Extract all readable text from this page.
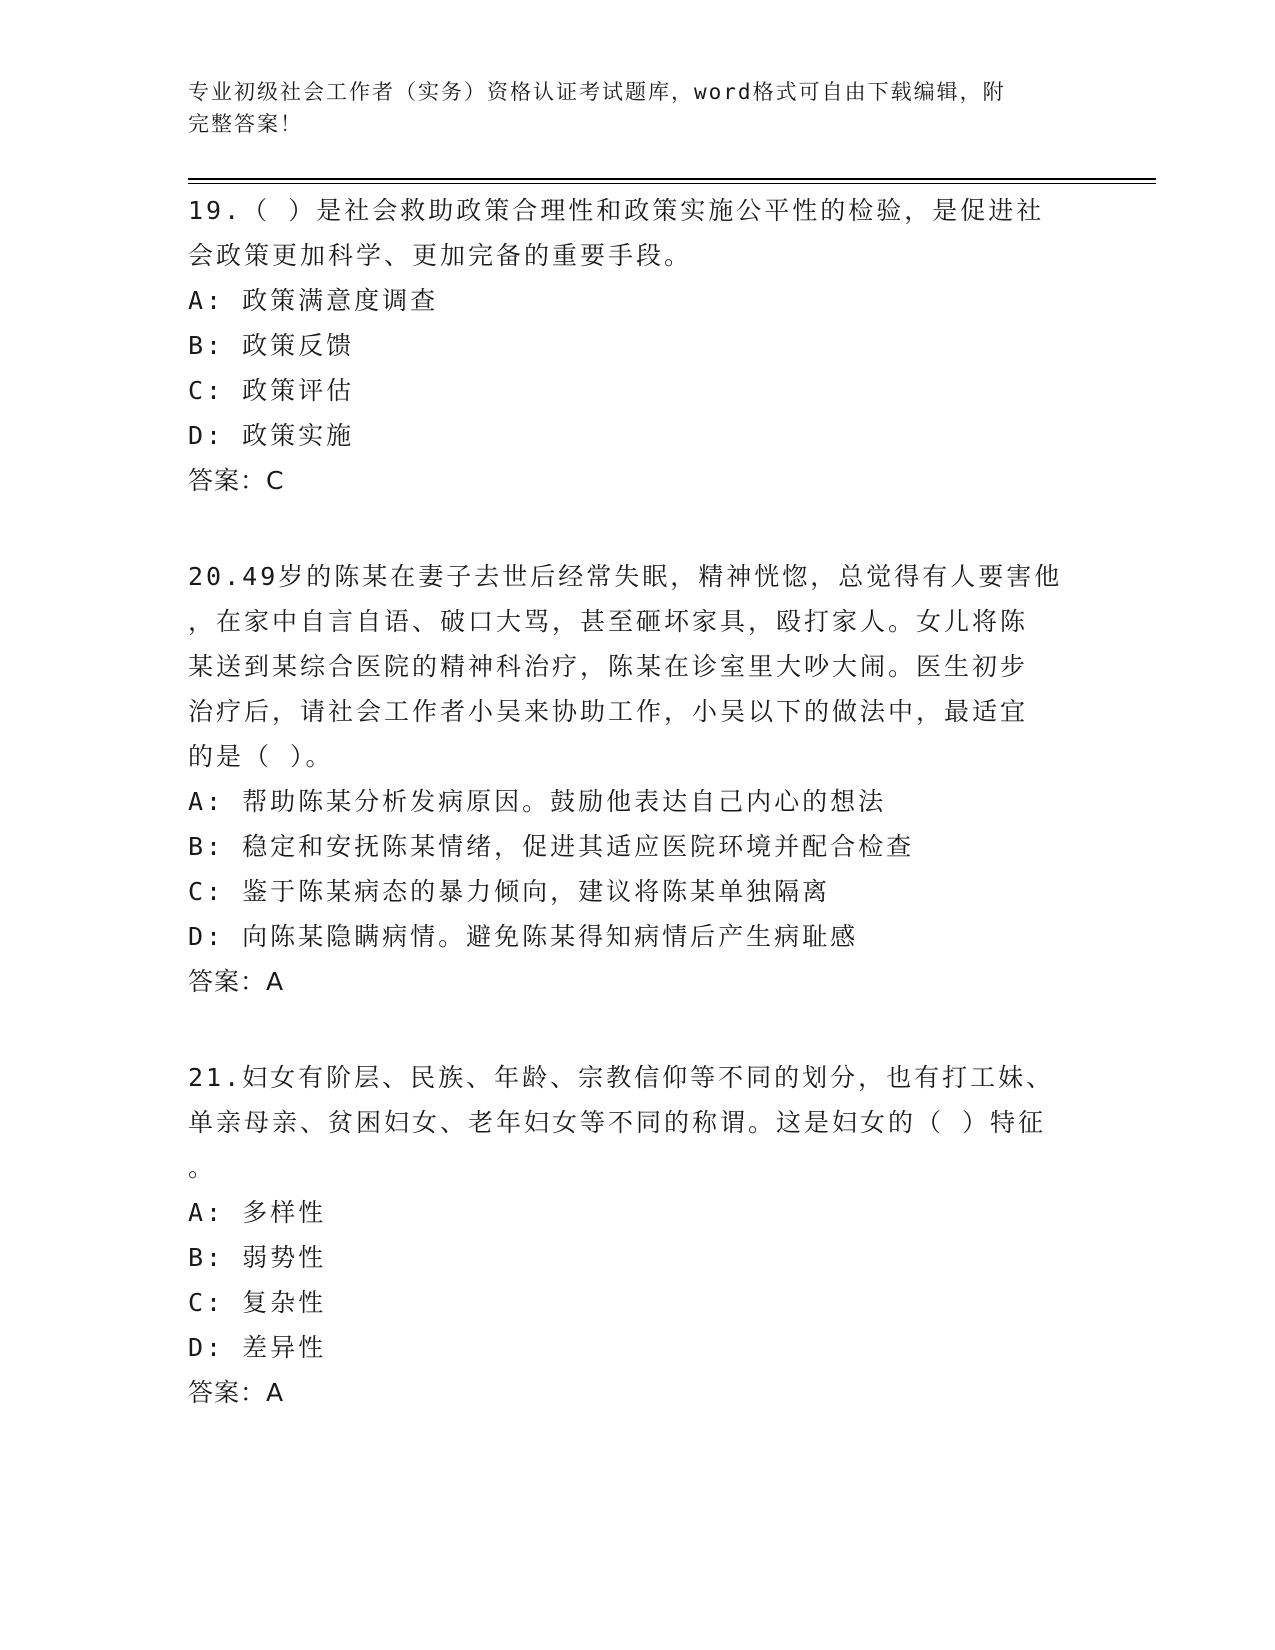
专业初级社会工作者（实务）资格认证考试题库，word格式可自由下载编辑，附
完整答案！
19.（ ）是社会救助政策合理性和政策实施公平性的检验，是促进社
会政策更加科学、更加完备的重要手段。
A: 政策满意度调查
B: 政策反馈
C: 政策评估
D: 政策实施
答案：C
20.49岁的陈某在妻子去世后经常失眠，精神恍惚，总觉得有人要害他
，在家中自言自语、破口大骂，甚至砸坏家具，殴打家人。女儿将陈
某送到某综合医院的精神科治疗，陈某在诊室里大吵大闹。医生初步
治疗后，请社会工作者小吴来协助工作，小吴以下的做法中，最适宜
的是（ ）。
A: 帮助陈某分析发病原因。鼓励他表达自己内心的想法
B: 稳定和安抚陈某情绪，促进其适应医院环境并配合检查
C: 鉴于陈某病态的暴力倾向，建议将陈某单独隔离
D: 向陈某隐瞒病情。避免陈某得知病情后产生病耻感
答案：A
21.妇女有阶层、民族、年龄、宗教信仰等不同的划分，也有打工妹、
单亲母亲、贫困妇女、老年妇女等不同的称谓。这是妇女的（ ）特征
。
A: 多样性
B: 弱势性
C: 复杂性
D: 差异性
答案：A
